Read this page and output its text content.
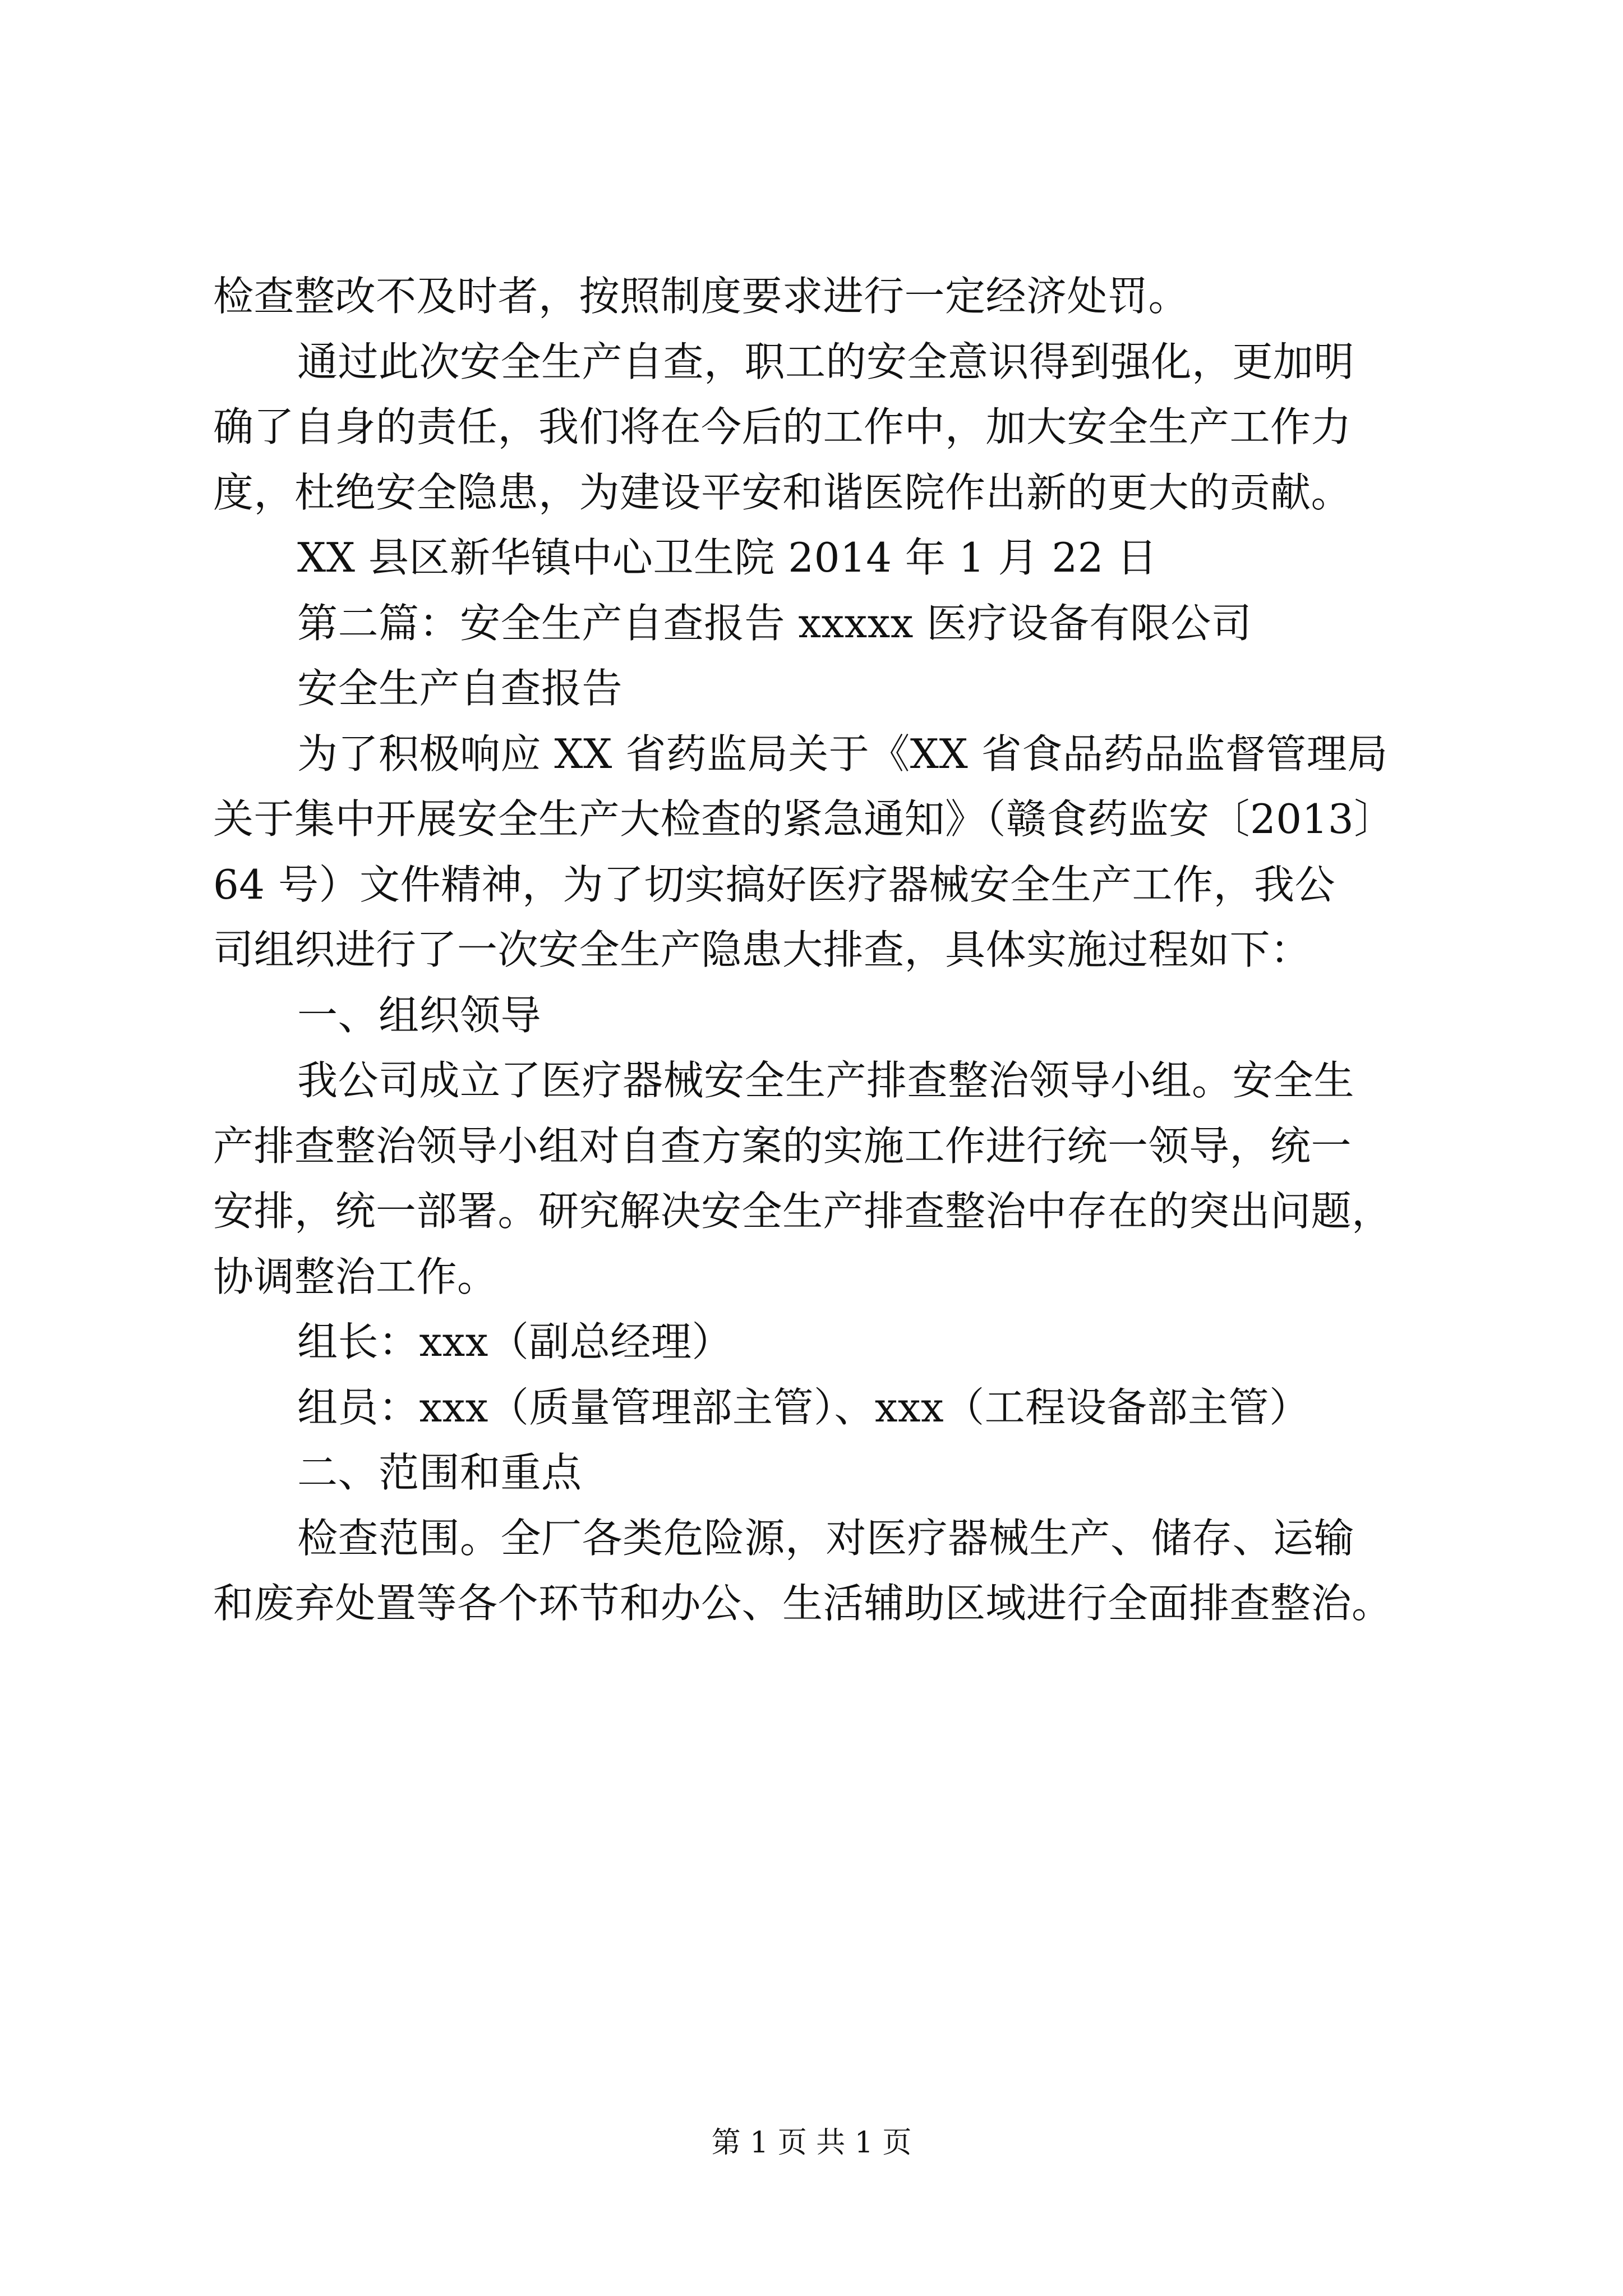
检查整改不及时者，按照制度要求进行一定经济处罚。
通过此次安全生产自查，职工的安全意识得到强化，更加明
确了自身的责任，我们将在今后的工作中，加大安全生产工作力
度，杜绝安全隐患，为建设平安和谐医院作出新的更大的贡献。
XX 县区新华镇中心卫生院 2014 年 1 月 22 日
第二篇：安全生产自查报告 xxxxx 医疗设备有限公司
安全生产自查报告
为了积极响应 XX 省药监局关于《XX 省食品药品监督管理局
关于集中开展安全生产大检查的紧急通知》（赣食药监安〔2013〕
64 号）文件精神，为了切实搞好医疗器械安全生产工作，我公
司组织进行了一次安全生产隐患大排查，具体实施过程如下：
一、组织领导
我公司成立了医疗器械安全生产排查整治领导小组。安全生
产排查整治领导小组对自查方案的实施工作进行统一领导，统一
安排，统一部署。研究解决安全生产排查整治中存在的突出问题，
协调整治工作。
组长：xxx（副总经理）
组员：xxx（质量管理部主管）、xxx（工程设备部主管）
二、范围和重点
检查范围。全厂各类危险源，对医疗器械生产、储存、运输
和废弃处置等各个环节和办公、生活辅助区域进行全面排查整治。
第 1 页 共 1 页
